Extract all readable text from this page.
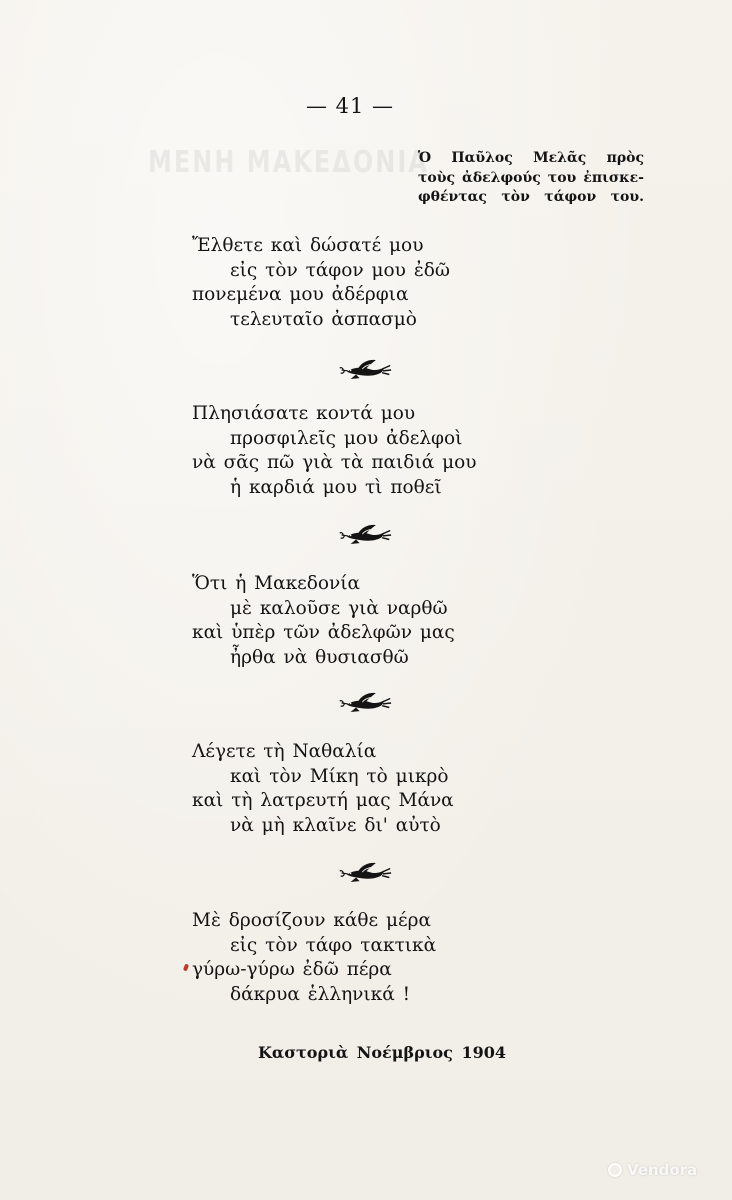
ΜΕΝΗ ΜΑΚΕΔΟΝΙΑ
— 41 —
Ὁ Παῦλος Μελᾶς πρὸς
τοὺς ἀδελφούς του ἐπισκε-
φθέντας τὸν τάφον του.
Ἔλθετε καὶ δώσατέ μου
εἰς τὸν τάφον μου ἐδῶ
πονεμένα μου ἀδέρφια
τελευταῖο ἀσπασμὸ
Πλησιάσατε κοντά μου
προσφιλεῖς μου ἀδελφοὶ
νὰ σᾶς πῶ γιὰ τὰ παιδιά μου
ἡ καρδιά μου τὶ ποθεῖ
Ὅτι ἡ Μακεδονία
μὲ καλοῦσε γιὰ ναρθῶ
καὶ ὑπὲρ τῶν ἀδελφῶν μας
ἦρθα νὰ θυσιασθῶ
Λέγετε τὴ Ναθαλία
καὶ τὸν Μίκη τὸ μικρὸ
καὶ τὴ λατρευτή μας Μάνα
νὰ μὴ κλαῖνε δι' αὐτὸ
Μὲ δροσίζουν κάθε μέρα
εἰς τὸν τάφο τακτικὰ
γύρω-γύρω ἐδῶ πέρα
δάκρυα ἑλληνικά !
Καστοριὰ Νοέμβριος 1904
Vendora
